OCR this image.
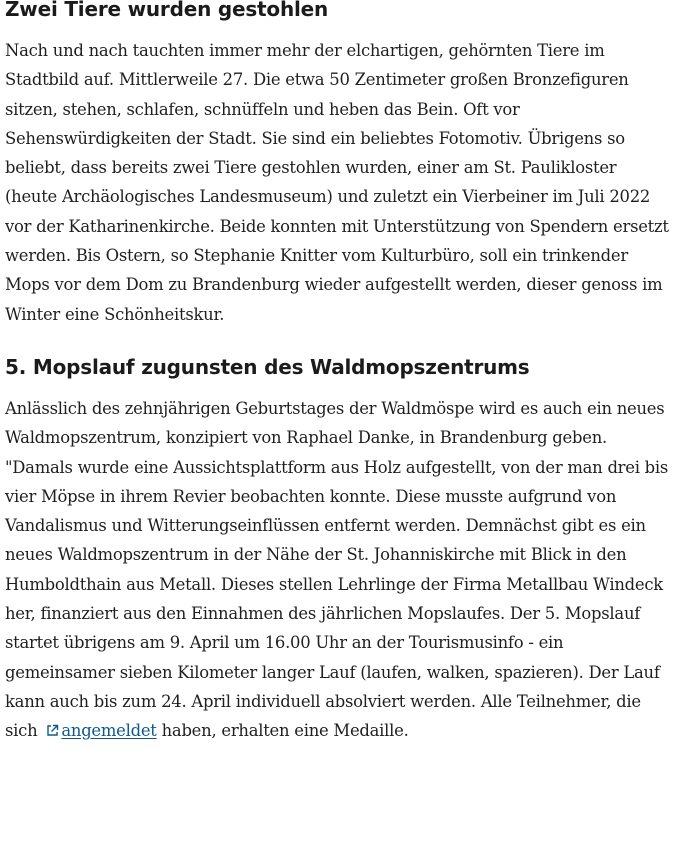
Zwei Tiere wurden gestohlen

Nach und nach tauchten immer mehr der elchartigen, gehörnten Tiere im Stadtbild auf. Mittlerweile 27. Die etwa 50 Zentimeter großen Bronzefiguren sitzen, stehen, schlafen, schnüffeln und heben das Bein. Oft vor Sehenswürdigkeiten der Stadt. Sie sind ein beliebtes Fotomotiv. Übrigens so beliebt, dass bereits zwei Tiere gestohlen wurden, einer am St. Paulikloster (heute Archäologisches Landesmuseum) und zuletzt ein Vierbeiner im Juli 2022 vor der Katharinenkirche. Beide konnten mit Unterstützung von Spendern ersetzt werden. Bis Ostern, so Stephanie Knitter vom Kulturbüro, soll ein trinkender Mops vor dem Dom zu Brandenburg wieder aufgestellt werden, dieser genoss im Winter eine Schönheitskur.

5. Mopslauf zugunsten des Waldmopszentrums

Anlässlich des zehnjährigen Geburtstages der Waldmöspe wird es auch ein neues Waldmopszentrum, konzipiert von Raphael Danke, in Brandenburg geben. "Damals wurde eine Aussichtsplattform aus Holz aufgestellt, von der man drei bis vier Möpse in ihrem Revier beobachten konnte. Diese musste aufgrund von Vandalismus und Witterungseinflüssen entfernt werden. Demnächst gibt es ein neues Waldmopszentrum in der Nähe der St. Johanniskirche mit Blick in den Humboldthain aus Metall. Dieses stellen Lehrlinge der Firma Metallbau Windeck her, finanziert aus den Einnahmen des jährlichen Mopslaufes. Der 5. Mopslauf startet übrigens am 9. April um 16.00 Uhr an der Tourismusinfo - ein gemeinsamer sieben Kilometer langer Lauf (laufen, walken, spazieren). Der Lauf kann auch bis zum 24. April individuell absolviert werden. Alle Teilnehmer, die sich angemeldet haben, erhalten eine Medaille.
